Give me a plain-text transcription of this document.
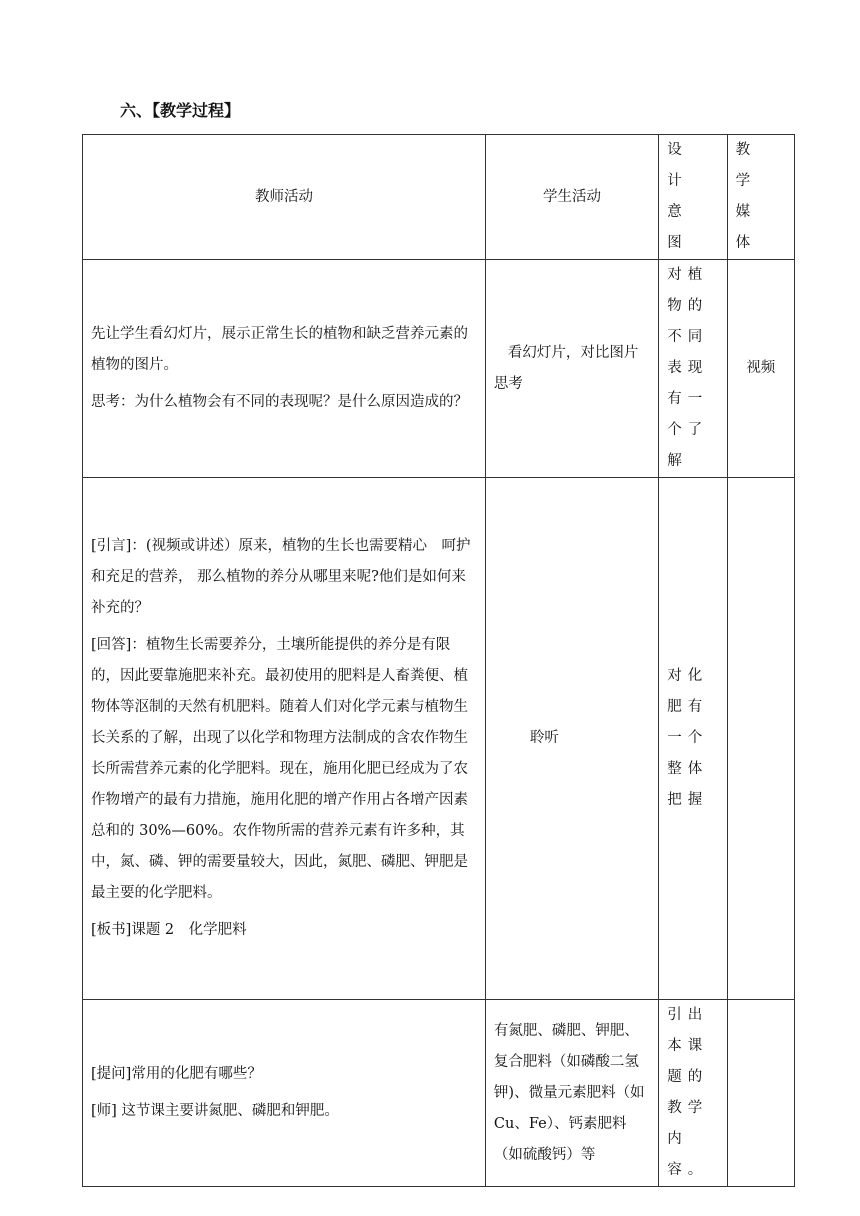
六、【教学过程】
教师活动	学生活动	设 计 意 图	教 学 媒 体

先让学生看幻灯片，展示正常生长的植物和缺乏营养元素的植物的图片。

思考：为什么植物会有不同的表现呢？是什么原因造成的？	看幻灯片，对比图片思考	对植物的不同表现有一个了解	视频

[引言]：(视频或讲述）原来，植物的生长也需要精心　呵护和充足的营养， 那么植物的养分从哪里来呢?他们是如何来补充的？

[回答]：植物生长需要养分，土壤所能提供的养分是有限的，因此要靠施肥来补充。最初使用的肥料是人畜粪便、植物体等沤制的天然有机肥料。随着人们对化学元素与植物生长关系的了解，出现了以化学和物理方法制成的含农作物生长所需营养元素的化学肥料。现在，施用化肥已经成为了农作物增产的最有力措施，施用化肥的增产作用占各增产因素总和的 30%—60%。农作物所需的营养元素有许多种，其中，氮、磷、钾的需要量较大，因此，氮肥、磷肥、钾肥是最主要的化学肥料。

[板书]课题 2　化学肥料	聆听	对化肥有一个整体把握	

[提问]常用的化肥有哪些？

[师] 这节课主要讲氮肥、磷肥和钾肥。	有氮肥、磷肥、钾肥、复合肥料（如磷酸二氢钾)、微量元素肥料（如 Cu、Fe）、钙素肥料（如硫酸钙）等	引出本课题的教学内容。	
